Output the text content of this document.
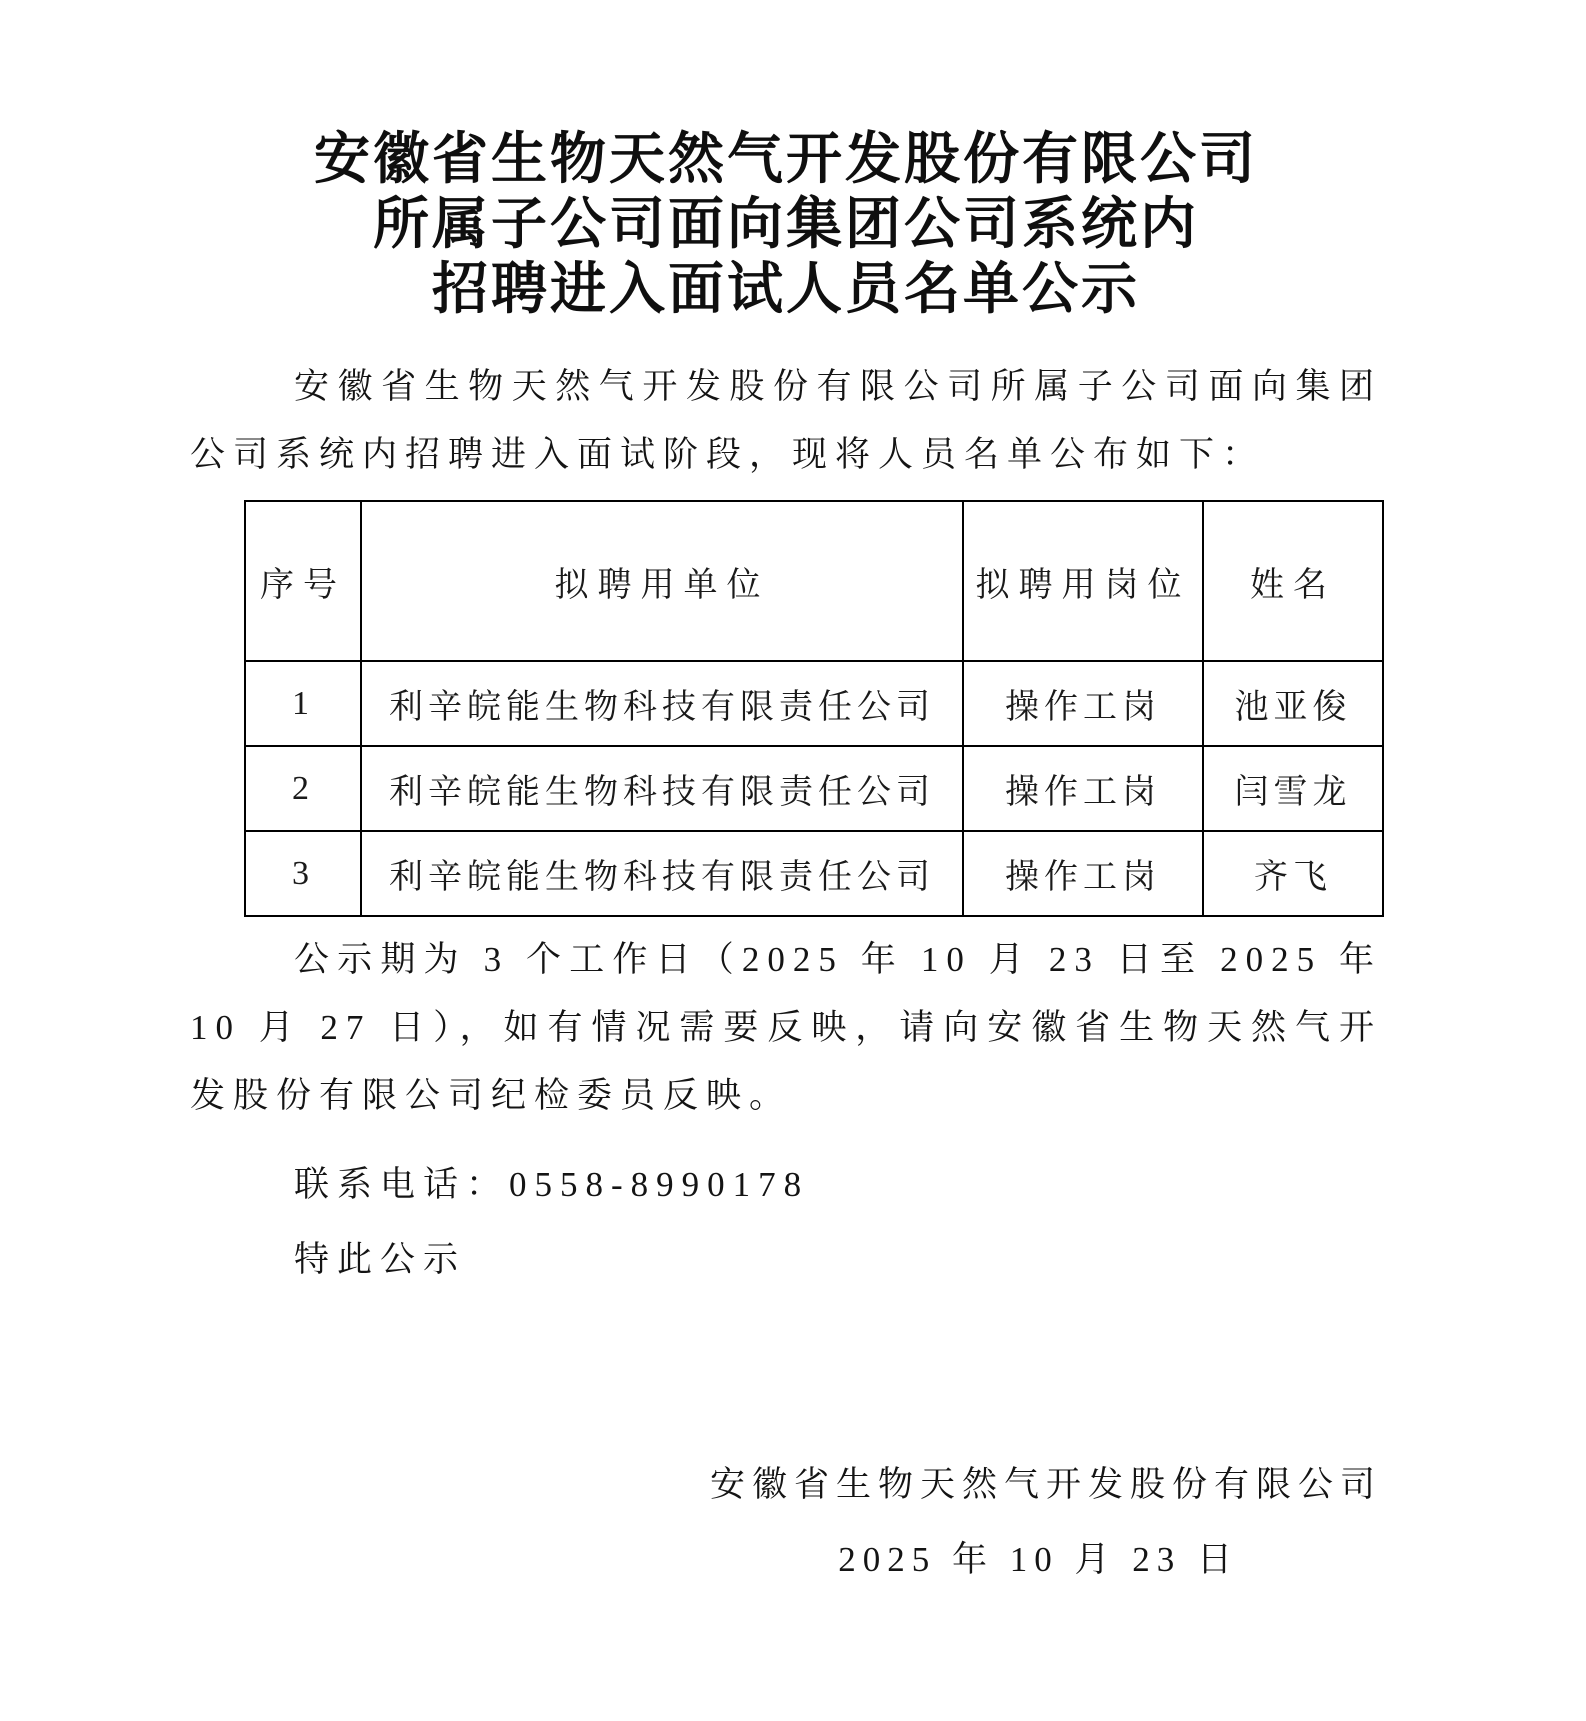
安徽省生物天然气开发股份有限公司
所属子公司面向集团公司系统内
招聘进入面试人员名单公示

安徽省生物天然气开发股份有限公司所属子公司面向集团公司系统内招聘进入面试阶段，现将人员名单公布如下：

序号	拟聘用单位	拟聘用岗位	姓名
1	利辛皖能生物科技有限责任公司	操作工岗	池亚俊
2	利辛皖能生物科技有限责任公司	操作工岗	闫雪龙
3	利辛皖能生物科技有限责任公司	操作工岗	齐飞

公示期为 3 个工作日（2025 年 10 月 23 日至 2025 年 10 月 27 日），如有情况需要反映，请向安徽省生物天然气开发股份有限公司纪检委员反映。

联系电话：0558-8990178

特此公示

安徽省生物天然气开发股份有限公司

2025 年 10 月 23 日
